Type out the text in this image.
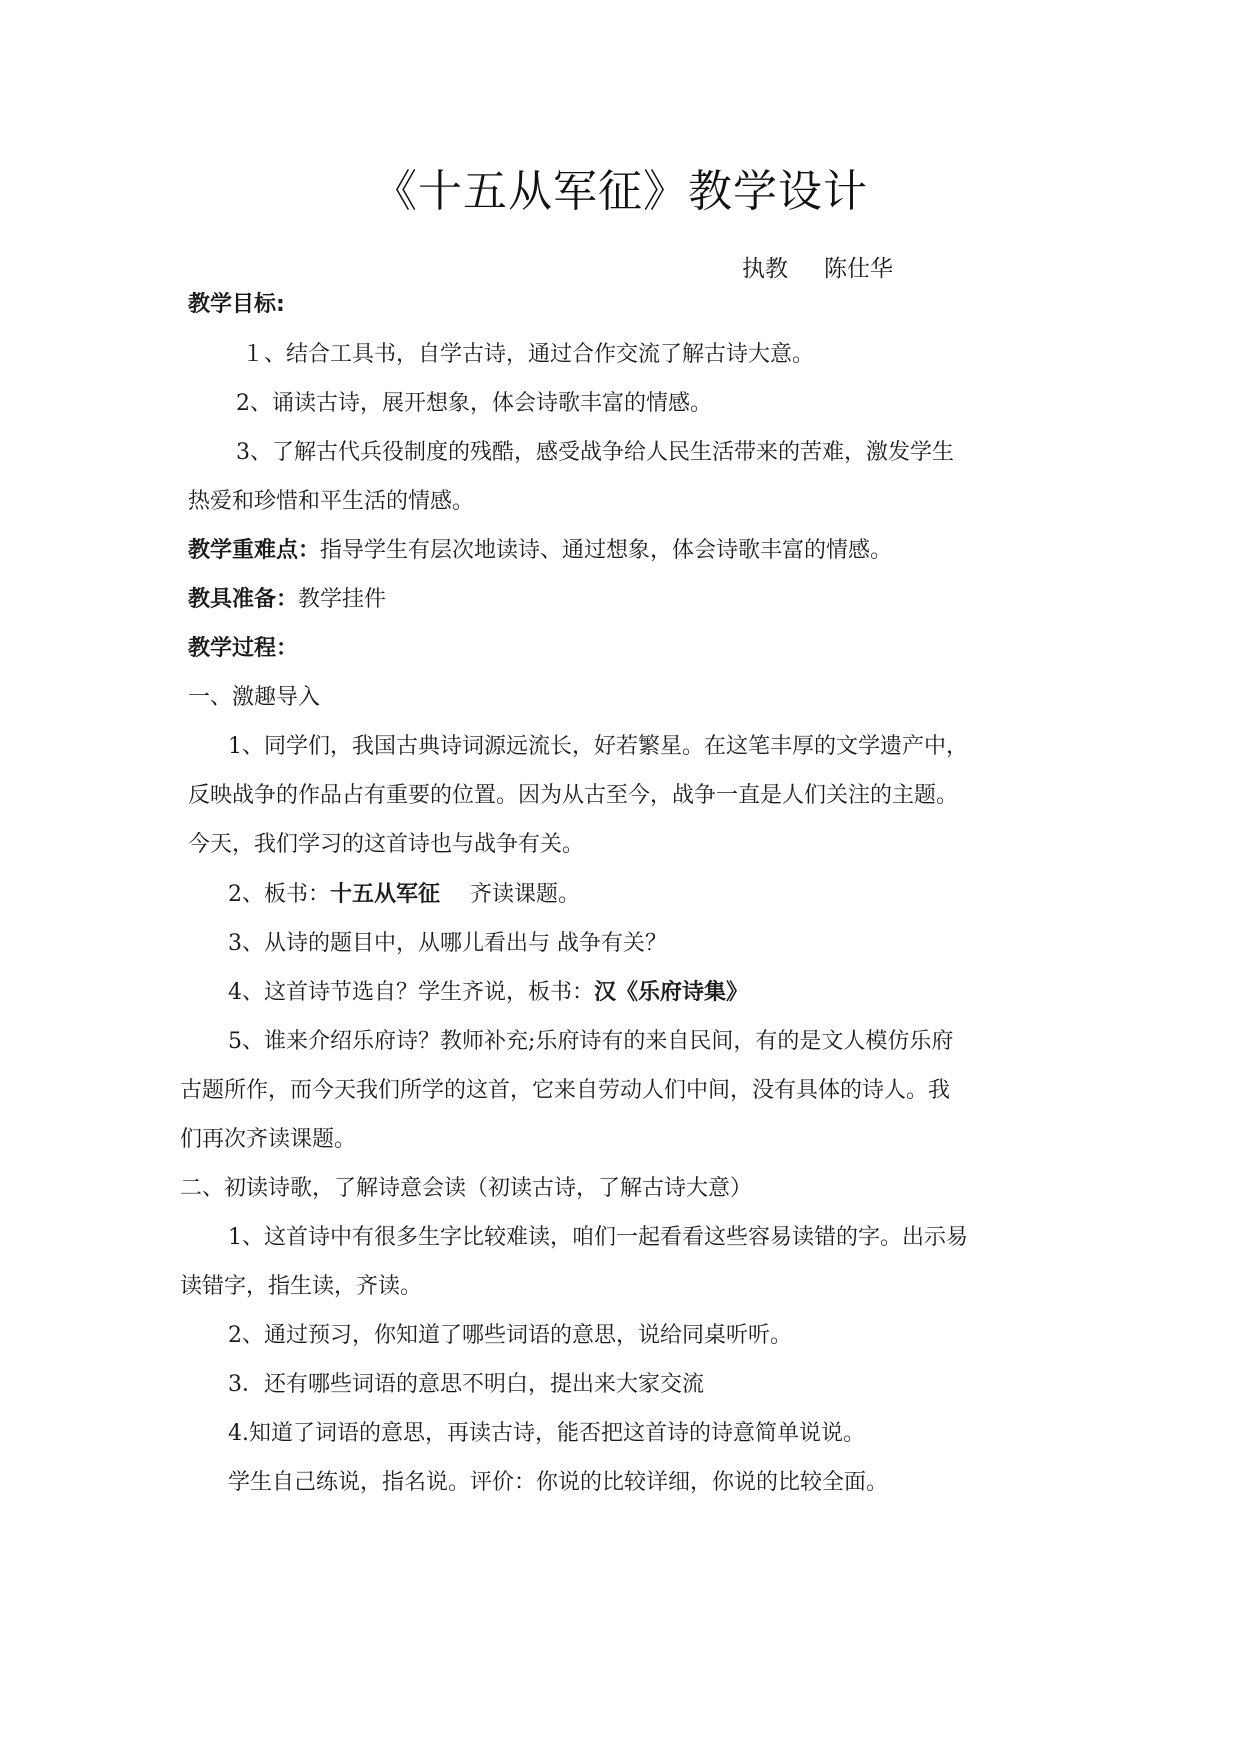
《十五从军征》教学设计
执教 陈仕华
教学目标:
１、结合工具书，自学古诗，通过合作交流了解古诗大意。
2、诵读古诗，展开想象，体会诗歌丰富的情感。
3、了解古代兵役制度的残酷，感受战争给人民生活带来的苦难，激发学生
热爱和珍惜和平生活的情感。
教学重难点：指导学生有层次地读诗、通过想象，体会诗歌丰富的情感。
教具准备：教学挂件
教学过程：
一、激趣导入
1、同学们，我国古典诗词源远流长，好若繁星。在这笔丰厚的文学遗产中，
反映战争的作品占有重要的位置。因为从古至今，战争一直是人们关注的主题。
今天，我们学习的这首诗也与战争有关。
2、板书：十五从军征 齐读课题。
3、从诗的题目中，从哪儿看出与 战争有关？
4、这首诗节选自？学生齐说，板书：汉《乐府诗集》
5、谁来介绍乐府诗？教师补充;乐府诗有的来自民间，有的是文人模仿乐府
古题所作，而今天我们所学的这首，它来自劳动人们中间，没有具体的诗人。我
们再次齐读课题。
二、初读诗歌，了解诗意会读（初读古诗，了解古诗大意）
1、这首诗中有很多生字比较难读，咱们一起看看这些容易读错的字。出示易
读错字，指生读，齐读。
2、通过预习，你知道了哪些词语的意思，说给同桌听听。
3．还有哪些词语的意思不明白，提出来大家交流
4.知道了词语的意思，再读古诗，能否把这首诗的诗意简单说说。
学生自己练说，指名说。评价：你说的比较详细，你说的比较全面。
